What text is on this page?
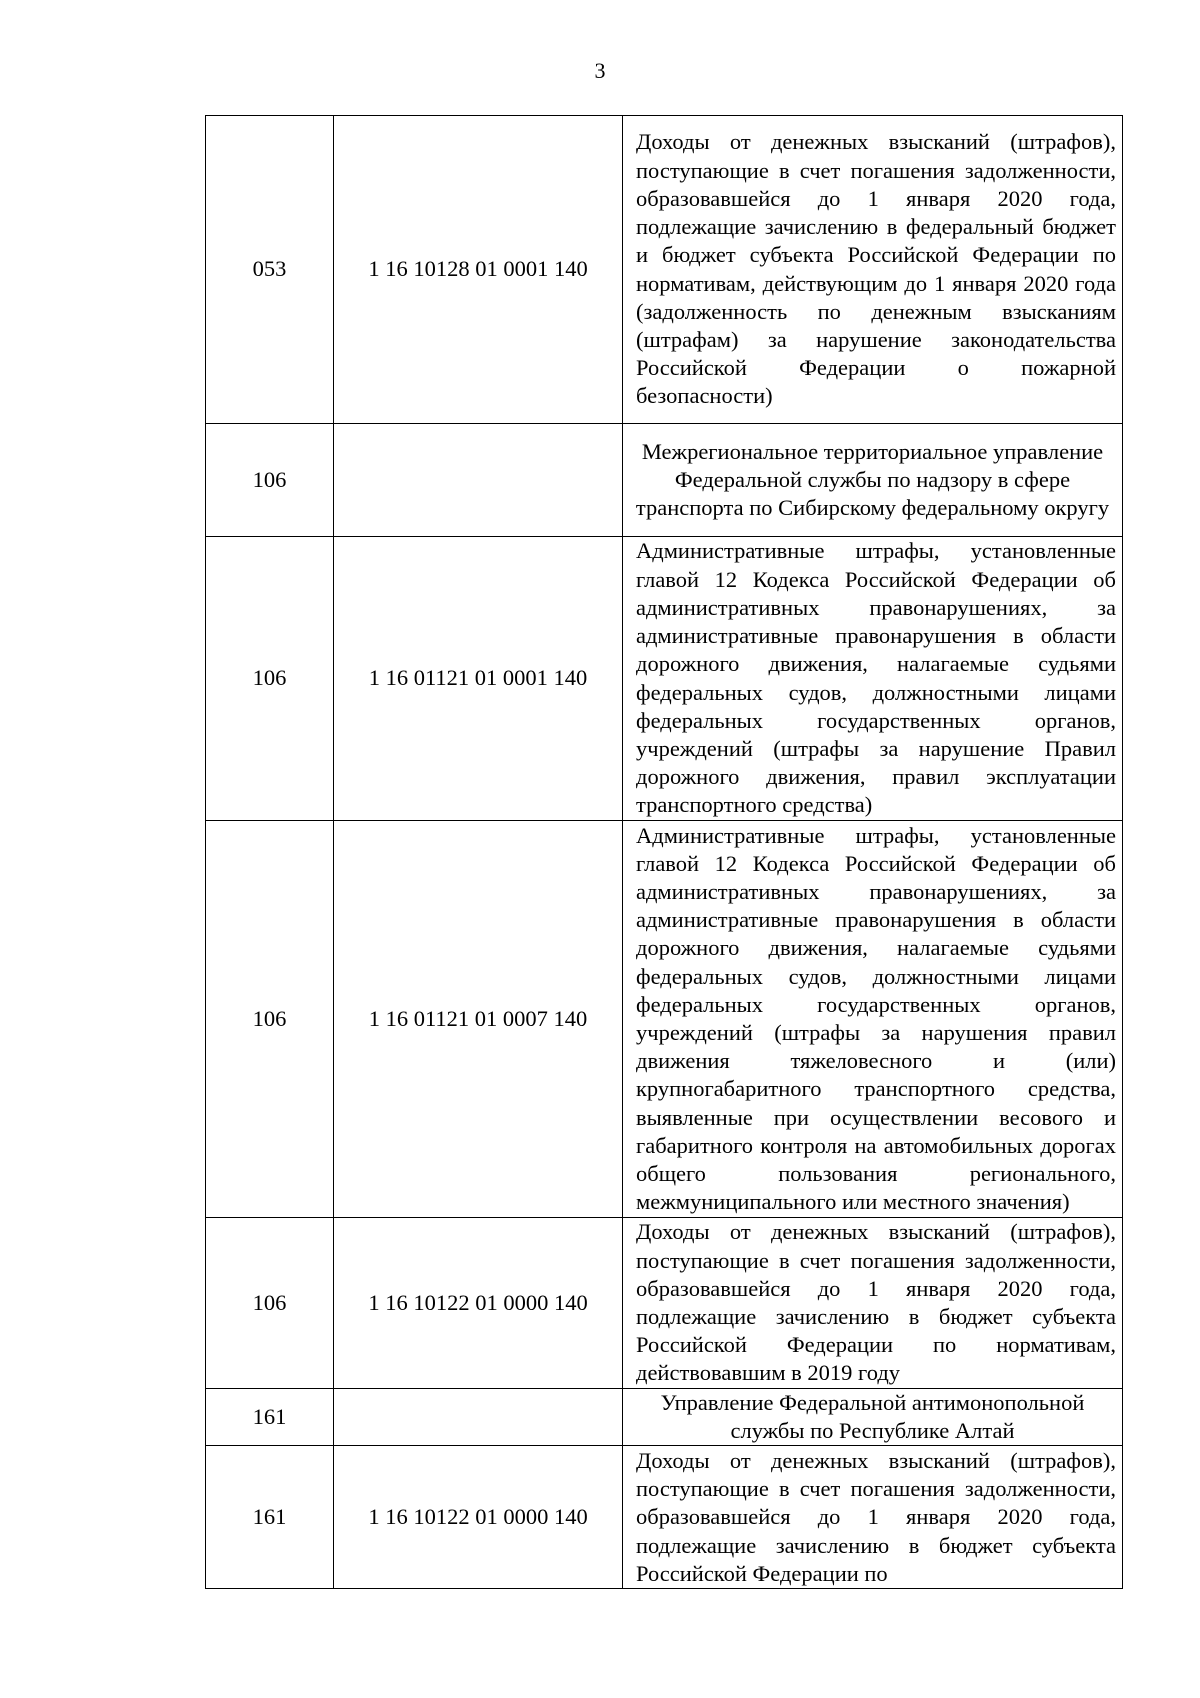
3
053	1 16 10128 01 0001 140	Доходы от денежных взысканий (штрафов), поступающие в счет погашения задолженности, образовавшейся до 1 января 2020 года, подлежащие зачислению в федеральный бюджет и бюджет субъекта Российской Федерации по нормативам, действующим до 1 января 2020 года (задолженность по денежным взысканиям (штрафам) за нарушение законодательства Российской Федерации о пожарной безопасности)

106		Межрегиональное территориальное управление Федеральной службы по надзору в сфере транспорта по Сибирскому федеральному округу

106	1 16 01121 01 0001 140	Административные штрафы, установленные главой 12 Кодекса Российской Федерации об административных правонарушениях, за административные правонарушения в области дорожного движения, налагаемые судьями федеральных судов, должностными лицами федеральных государственных органов, учреждений (штрафы за нарушение Правил дорожного движения, правил эксплуатации транспортного средства)

106	1 16 01121 01 0007 140	Административные штрафы, установленные главой 12 Кодекса Российской Федерации об административных правонарушениях, за административные правонарушения в области дорожного движения, налагаемые судьями федеральных судов, должностными лицами федеральных государственных органов, учреждений (штрафы за нарушения правил движения тяжеловесного и (или) крупногабаритного транспортного средства, выявленные при осуществлении весового и габаритного контроля на автомобильных дорогах общего пользования регионального, межмуниципального или местного значения)

106	1 16 10122 01 0000 140	Доходы от денежных взысканий (штрафов), поступающие в счет погашения задолженности, образовавшейся до 1 января 2020 года, подлежащие зачислению в бюджет субъекта Российской Федерации по нормативам, действовавшим в 2019 году

161		Управление Федеральной антимонопольной службы по Республике Алтай

161	1 16 10122 01 0000 140	Доходы от денежных взысканий (штрафов), поступающие в счет погашения задолженности, образовавшейся до 1 января 2020 года, подлежащие зачислению в бюджет субъекта Российской Федерации по
